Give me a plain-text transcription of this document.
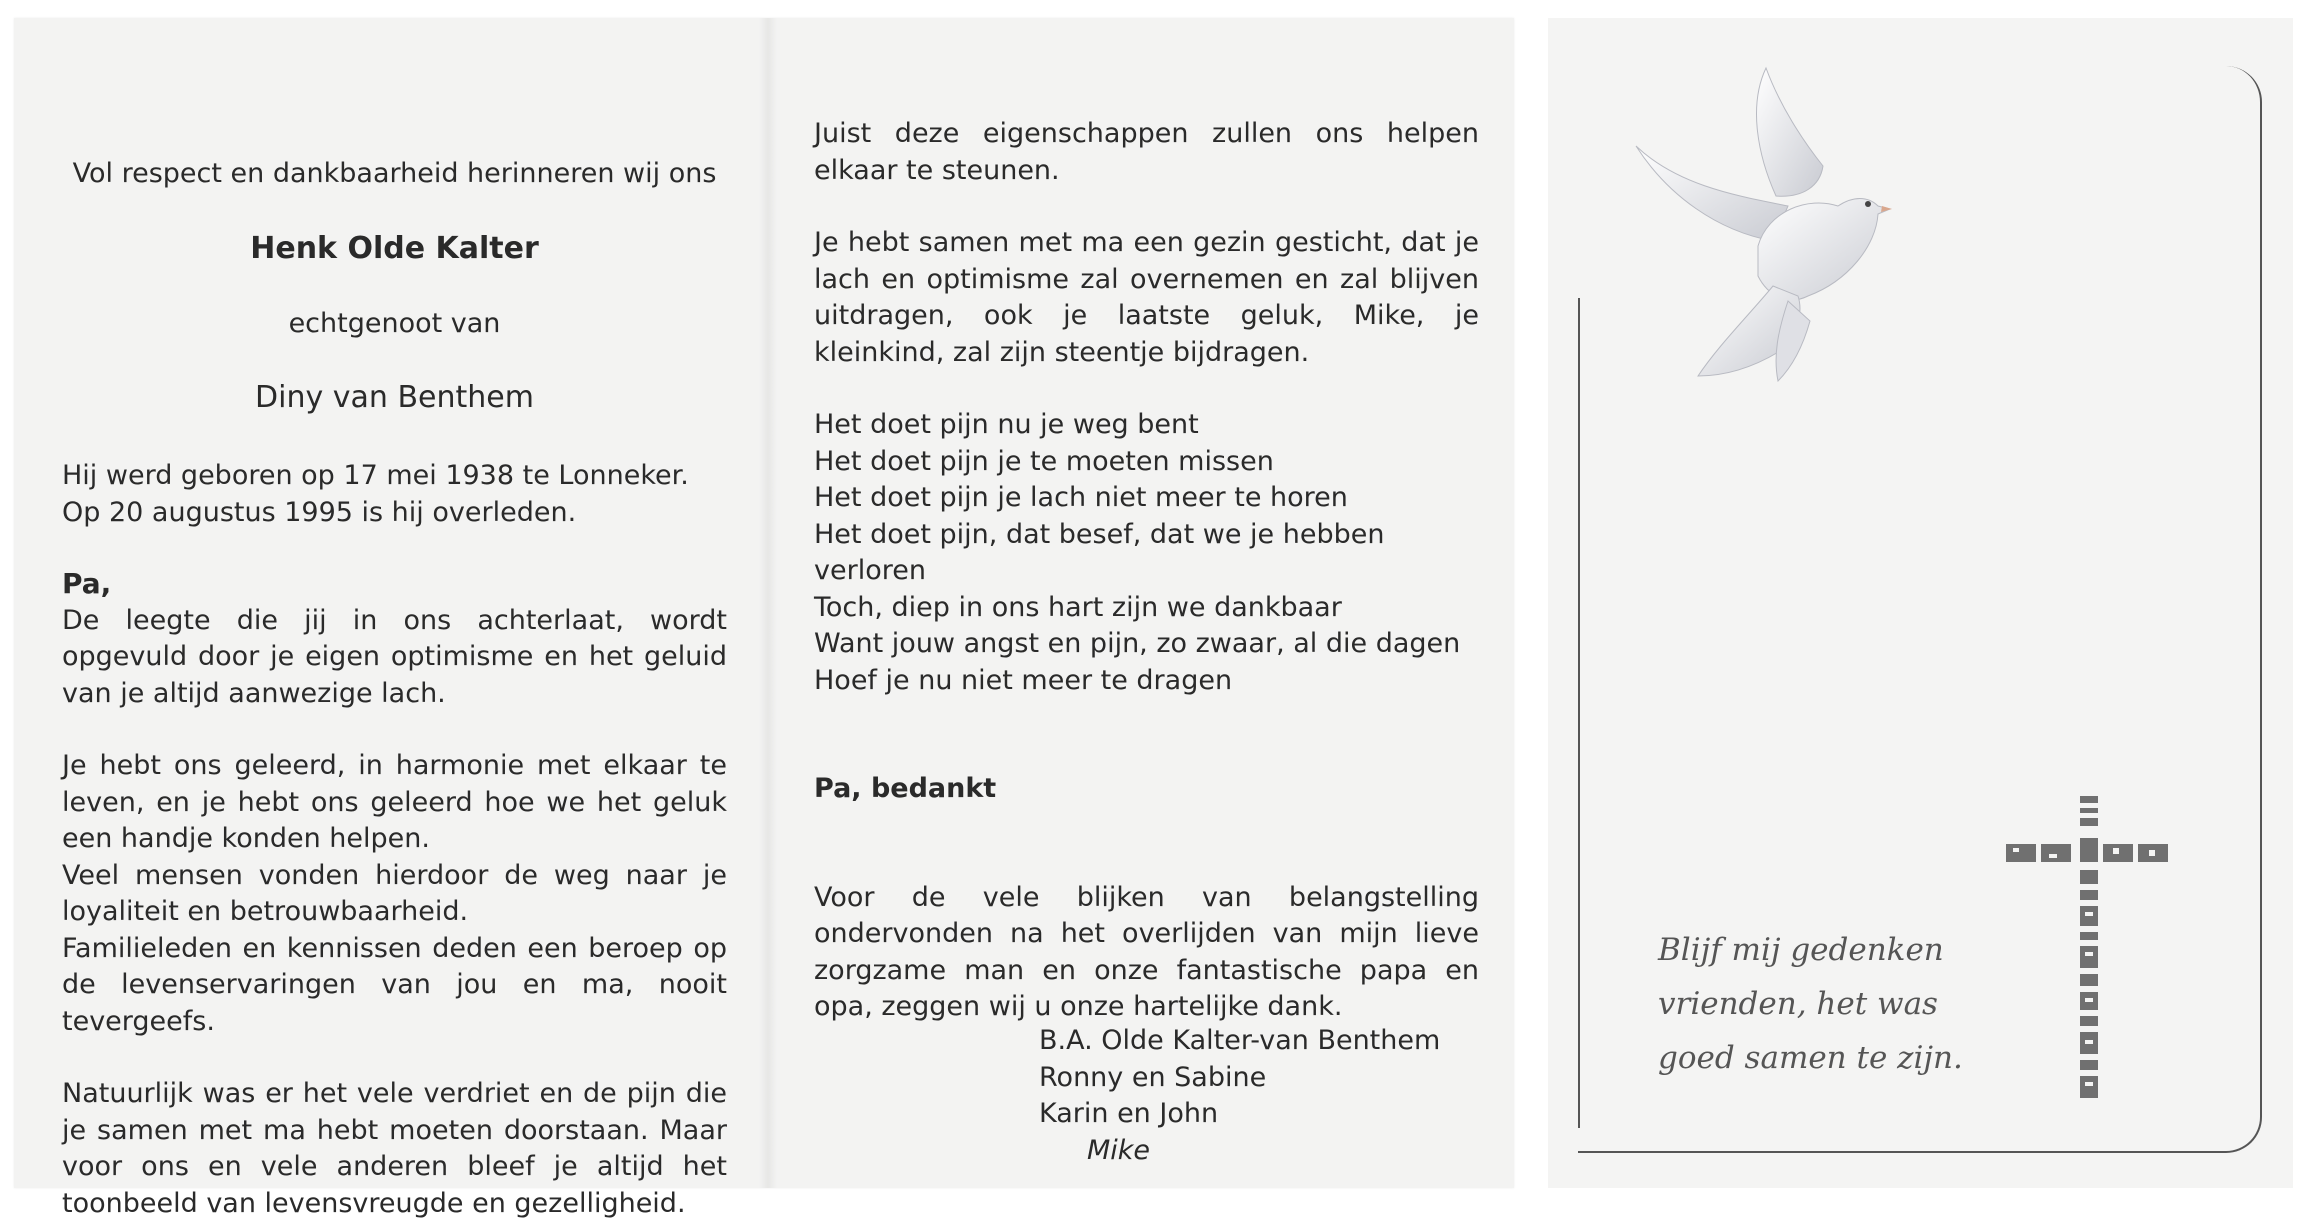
Vol respect en dankbaarheid herinneren wij ons

Henk Olde Kalter

echtgenoot van

Diny van Benthem

Hij werd geboren op 17 mei 1938 te Lonneker.

Op 20 augustus 1995 is hij overleden.

Pa,

De leegte die jij in ons achterlaat, wordt opgevuld door je eigen optimisme en het geluid van je altijd aanwezige lach.

Je hebt ons geleerd, in harmonie met elkaar te leven, en je hebt ons geleerd hoe we het geluk een handje konden helpen.

Veel mensen vonden hierdoor de weg naar je loyaliteit en betrouwbaarheid.

Familieleden en kennissen deden een beroep op de levenservaringen van jou en ma, nooit tevergeefs.

Natuurlijk was er het vele verdriet en de pijn die je samen met ma hebt moeten doorstaan. Maar voor ons en vele anderen bleef je altijd het toonbeeld van levensvreugde en gezelligheid.

Juist deze eigenschappen zullen ons helpen elkaar te steunen.

Je hebt samen met ma een gezin gesticht, dat je lach en optimisme zal overnemen en zal blijven uitdragen, ook je laatste geluk, Mike, je kleinkind, zal zijn steentje bijdragen.

Het doet pijn nu je weg bent

Het doet pijn je te moeten missen

Het doet pijn je lach niet meer te horen

Het doet pijn, dat besef, dat we je hebben verloren

Toch, diep in ons hart zijn we dankbaar

Want jouw angst en pijn, zo zwaar, al die dagen

Hoef je nu niet meer te dragen

Pa, bedankt

Voor de vele blijken van belangstelling ondervonden na het overlijden van mijn lieve zorgzame man en onze fantastische papa en opa, zeggen wij u onze hartelijke dank.

B.A. Olde Kalter-van Benthem

Ronny en Sabine

Karin en John

Mike

Blijf mij gedenken

vrienden, het was

goed samen te zijn.
